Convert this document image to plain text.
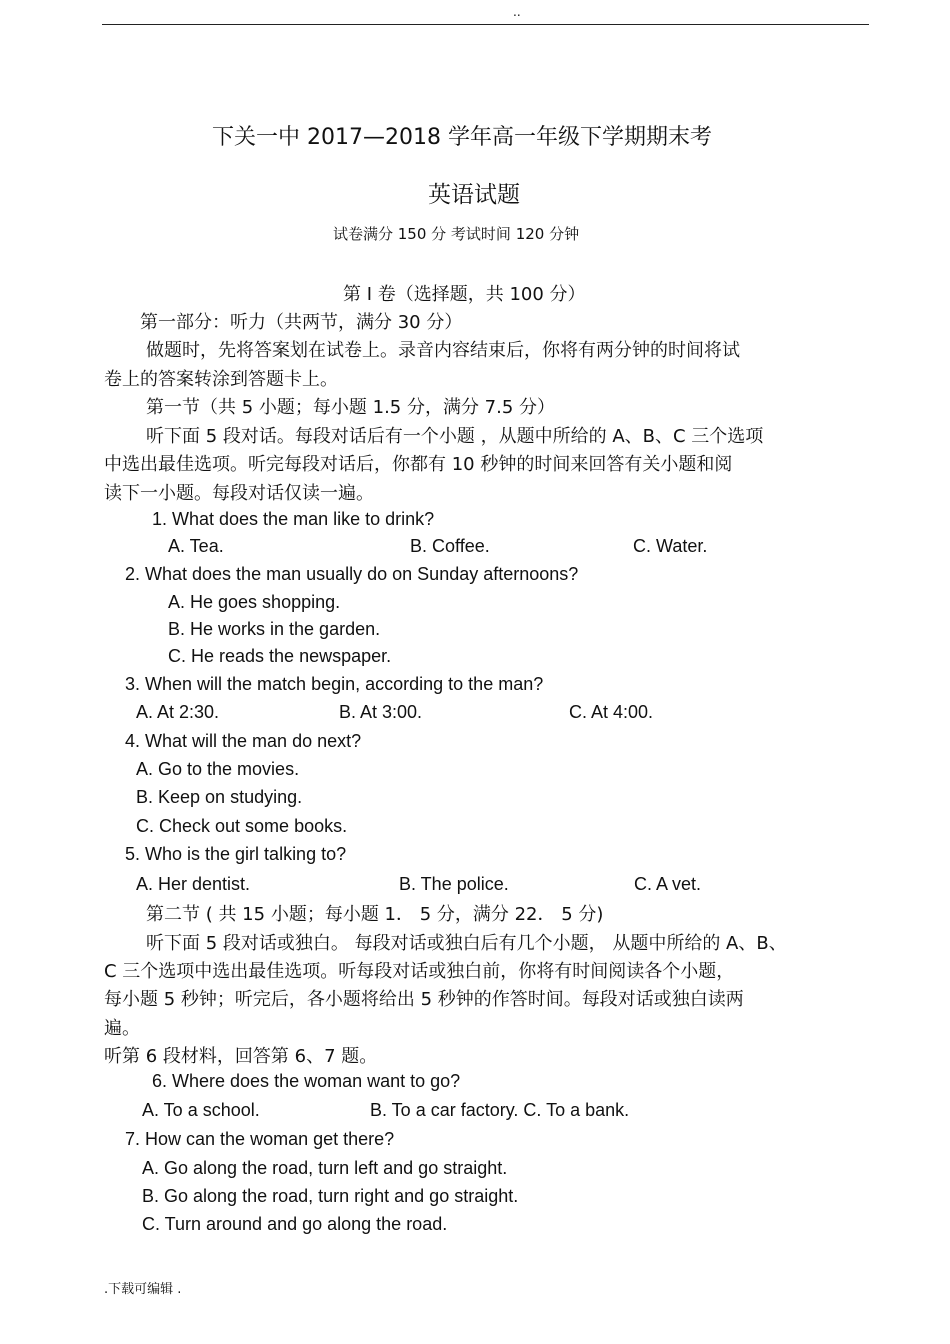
..
下关一中 2017—2018 学年高一年级下学期期末考
英语试题
试卷满分 150 分 考试时间 120 分钟
第 I 卷（选择题，共 100 分）
第一部分：听力（共两节，满分 30 分）
做题时，先将答案划在试卷上。录音内容结束后，你将有两分钟的时间将试
卷上的答案转涂到答题卡上。
第一节（共 5 小题；每小题 1.5 分，满分 7.5 分）
听下面 5 段对话。每段对话后有一个小题 ，从题中所给的 A、B、C 三个选项
中选出最佳选项。听完每段对话后，你都有 10 秒钟的时间来回答有关小题和阅
读下一小题。每段对话仅读一遍。
1. What does the man like to drink?
A. Tea.	B. Coffee.	C. Water.
2. What does the man usually do on Sunday afternoons?
A. He goes shopping.
B. He works in the garden.
C. He reads the newspaper.
3. When will the match begin, according to the man?
A. At 2:30.	B. At 3:00.	C. At 4:00.
4. What will the man do next?
A. Go to the movies.
B. Keep on studying.
C. Check out some books.
5. Who is the girl talking to?
A. Her dentist.	B. The police.	C. A vet.
第二节 ( 共 15 小题；每小题 1． 5 分，满分 22． 5 分)
听下面 5 段对话或独白。 每段对话或独白后有几个小题， 从题中所给的 A、B、
C 三个选项中选出最佳选项。听每段对话或独白前，你将有时间阅读各个小题，
每小题 5 秒钟；听完后，各小题将给出 5 秒钟的作答时间。每段对话或独白读两
遍。
听第 6 段材料，回答第 6、7 题。
6. Where does the woman want to go?
A. To a school.	B. To a car factory. C. To a bank.
7. How can the woman get there?
A. Go along the road, turn left and go straight.
B. Go along the road, turn right and go straight.
C. Turn around and go along the road.
.下载可编辑 .
